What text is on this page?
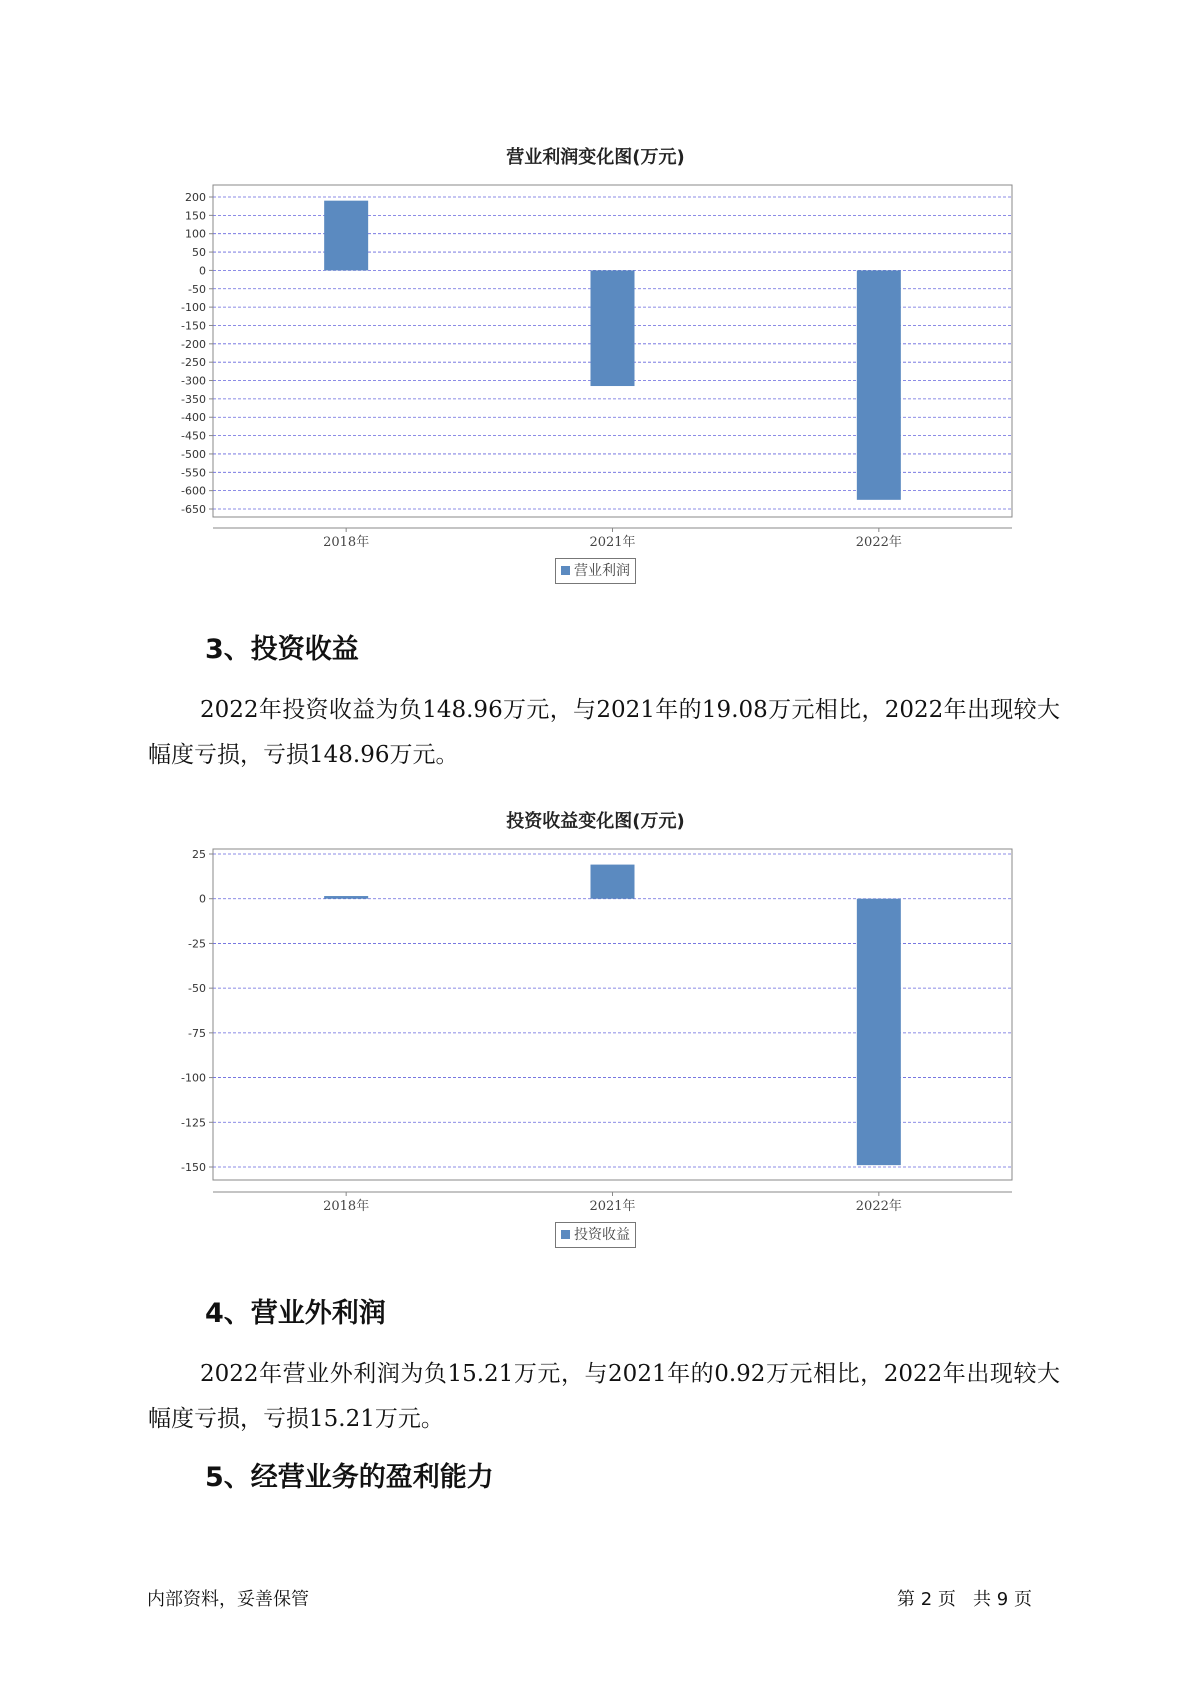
营业利润变化图(万元)
200
150
100
50
0
-50
-100
-150
-200
-250
-300
-350
-400
-450
-500
-550
-600
-650
2018年	2021年	2022年
营业利润
3、投资收益
2022年投资收益为负148.96万元，与2021年的19.08万元相比，2022年出现较大幅度亏损，亏损148.96万元。
投资收益变化图(万元)
25
0
-25
-50
-75
-100
-125
-150
2018年	2021年	2022年
投资收益
4、营业外利润
2022年营业外利润为负15.21万元，与2021年的0.92万元相比，2022年出现较大幅度亏损，亏损15.21万元。
5、经营业务的盈利能力
内部资料，妥善保管	第 2 页   共 9 页
